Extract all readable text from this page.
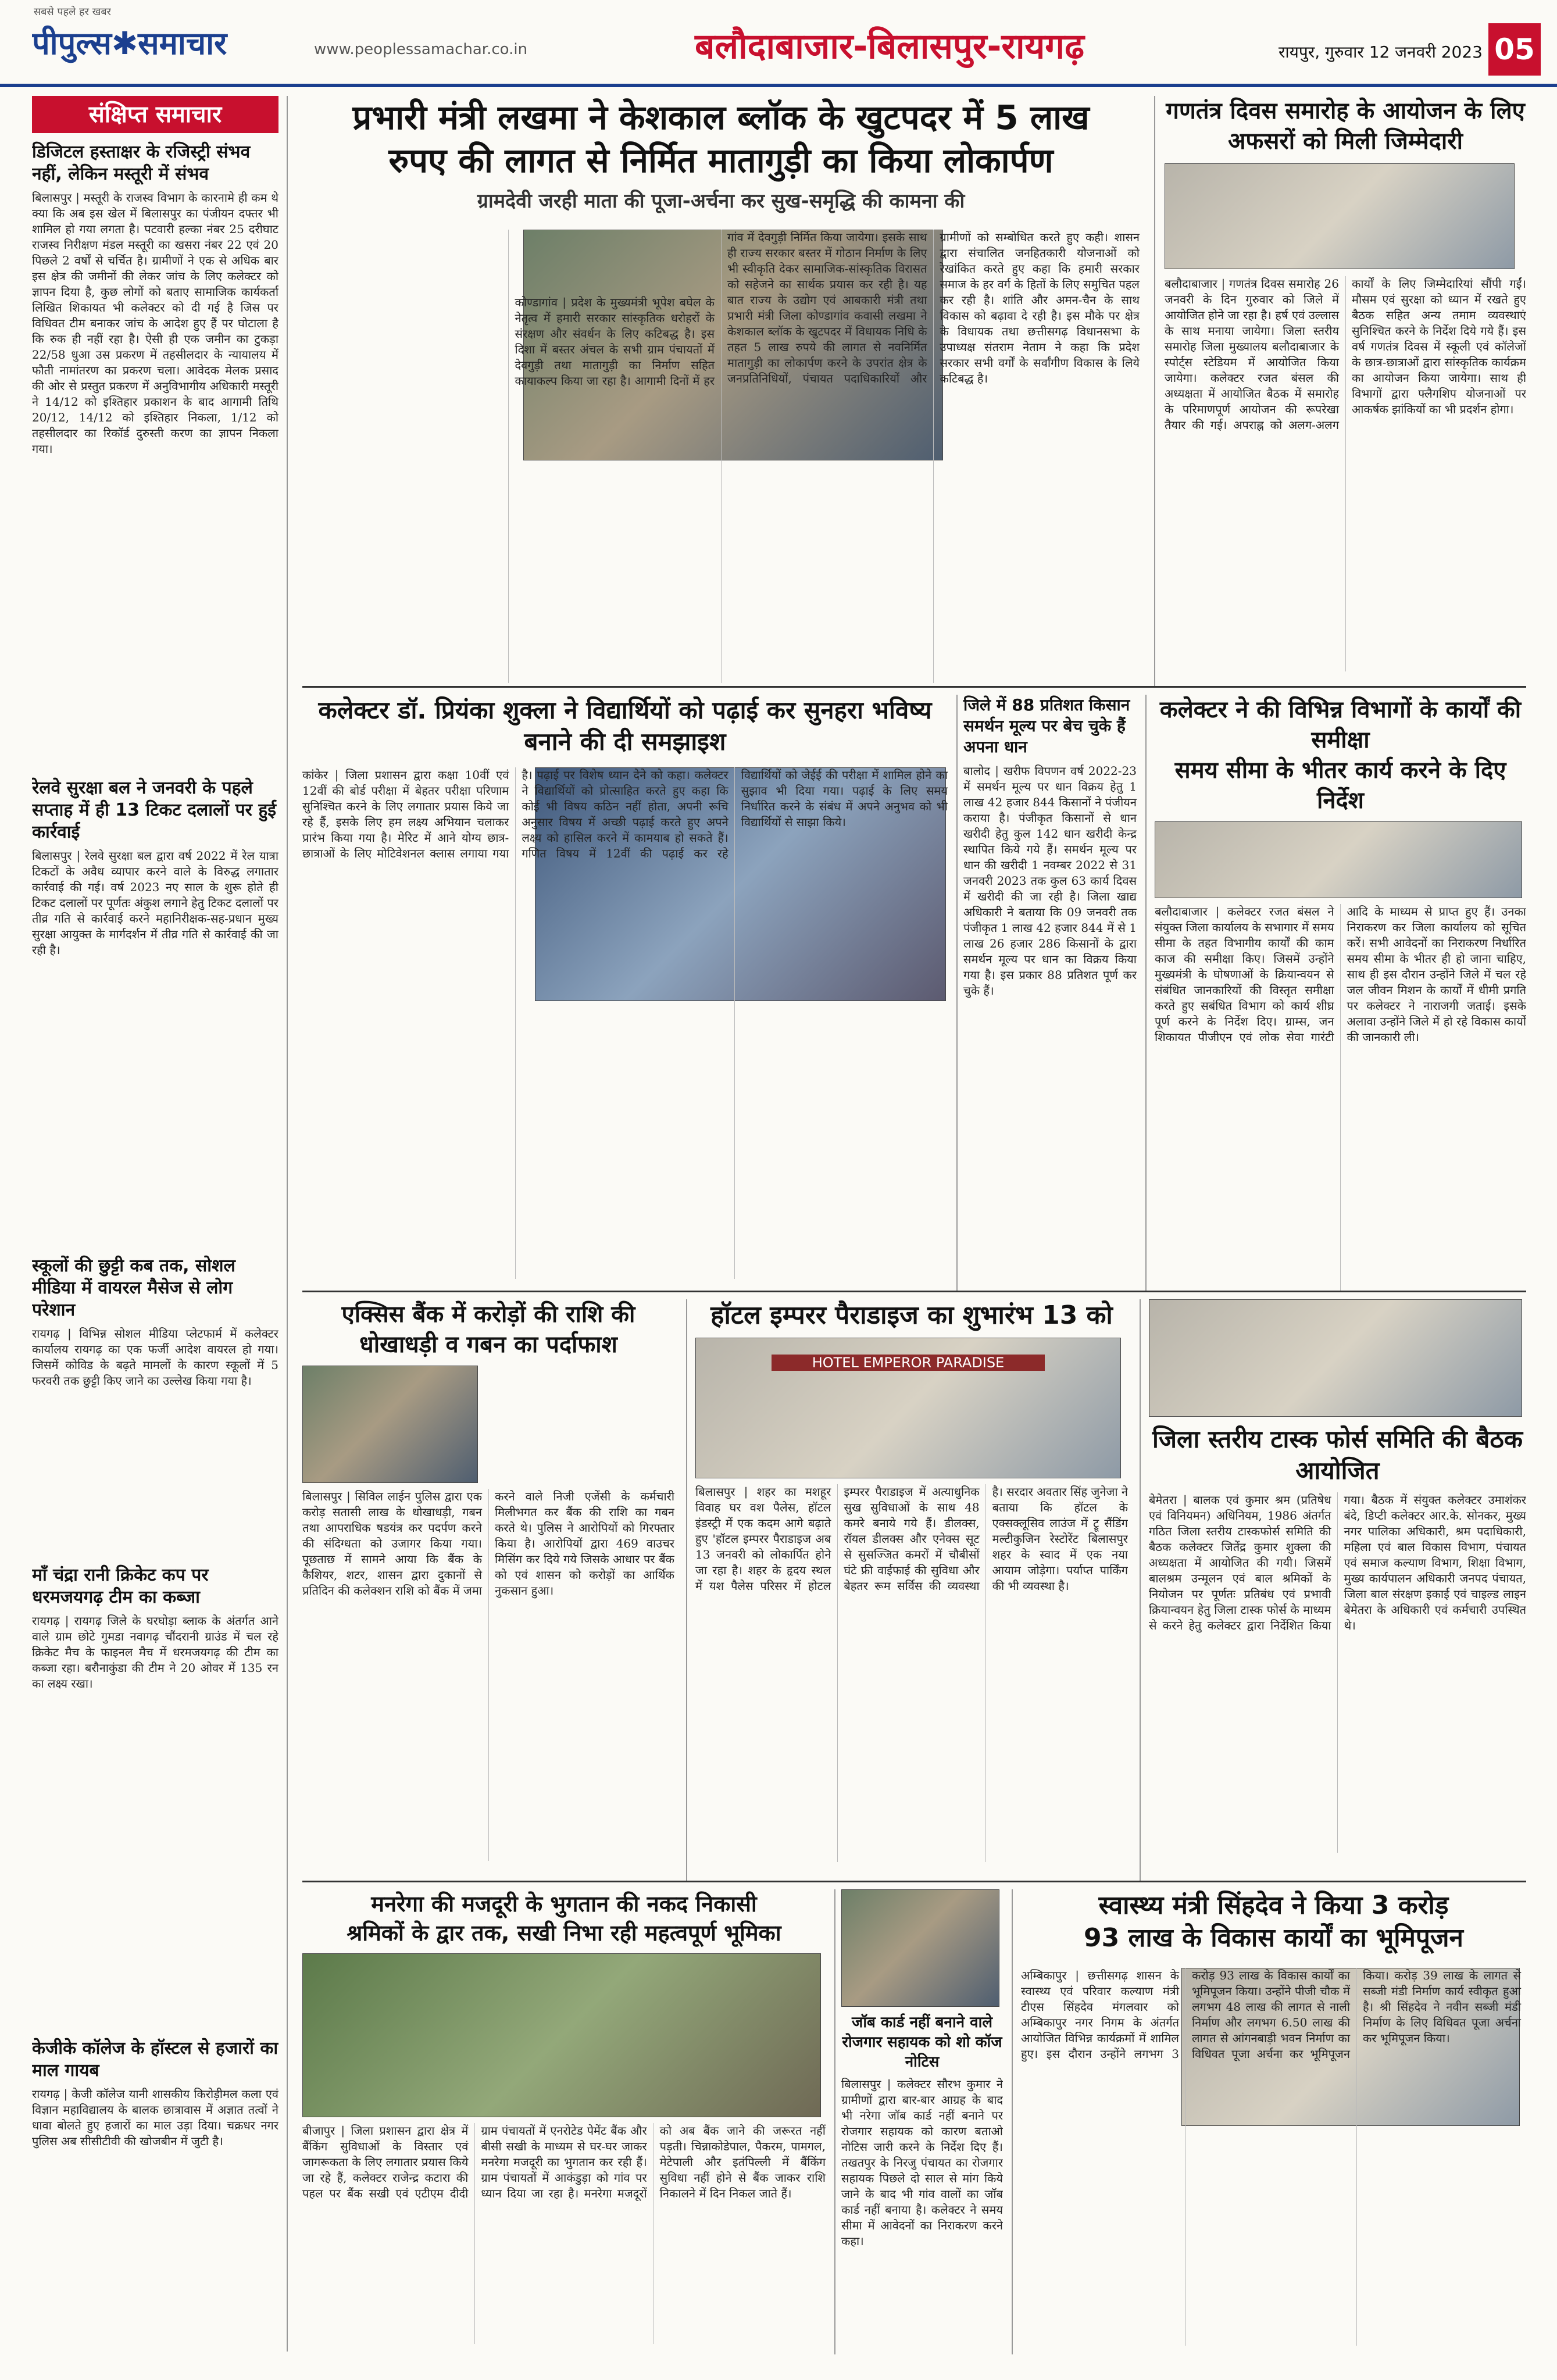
सबसे पहले हर खबर
पीपुल्स✱समाचार	www.peoplessamachar.co.in	बलौदाबाजार-बिलासपुर-रायगढ़	रायपुर, गुरुवार 12 जनवरी 2023 05
संक्षिप्त समाचार
डिजिटल हस्ताक्षर के रजिस्ट्री संभव नहीं, लेकिन मस्तूरी में संभव
बिलासपुर | मस्तूरी के राजस्व विभाग के कारनामे ही कम थे क्या कि अब इस खेल में बिलासपुर का पंजीयन दफ्तर भी शामिल हो गया लगता है। पटवारी हल्का नंबर 25 दरीघाट राजस्व निरीक्षण मंडल मस्तूरी का खसरा नंबर 22 एवं 20 पिछले 2 वर्षों से चर्चित है। ग्रामीणों ने एक से अधिक बार इस क्षेत्र की जमीनों की लेकर जांच के लिए कलेक्टर को ज्ञापन दिया है, कुछ लोगों को बताए सामाजिक कार्यकर्ता लिखित शिकायत भी कलेक्टर को दी गई है जिस पर विधिवत टीम बनाकर जांच के आदेश हुए हैं पर घोटाला है कि रुक ही नहीं रहा है। ऐसी ही एक जमीन का टुकड़ा 22/58 धुआ उस प्रकरण में तहसीलदार के न्यायालय में फौती नामांतरण का प्रकरण चला। आवेदक मेलक प्रसाद की ओर से प्रस्तुत प्रकरण में अनुविभागीय अधिकारी मस्तूरी ने 14/12 को इश्तिहार प्रकाशन के बाद आगामी तिथि 20/12, 14/12 को इश्तिहार निकला, 1/12 को तहसीलदार का रिकॉर्ड दुरुस्ती करण का ज्ञापन निकला गया।
रेलवे सुरक्षा बल ने जनवरी के पहले सप्ताह में ही 13 टिकट दलालों पर हुई कार्रवाई
बिलासपुर | रेलवे सुरक्षा बल द्वारा वर्ष 2022 में रेल यात्रा टिकटों के अवैध व्यापार करने वाले के विरुद्ध लगातार कार्रवाई की गई। वर्ष 2023 नए साल के शुरू होते ही टिकट दलालों पर पूर्णतः अंकुश लगाने हेतु टिकट दलालों पर तीव्र गति से कार्रवाई करने महानिरीक्षक-सह-प्रधान मुख्य सुरक्षा आयुक्त के मार्गदर्शन में तीव्र गति से कार्रवाई की जा रही है।
स्कूलों की छुट्टी कब तक, सोशल मीडिया में वायरल मैसेज से लोग परेशान
रायगढ़ | विभिन्न सोशल मीडिया प्लेटफार्म में कलेक्टर कार्यालय रायगढ़ का एक फर्जी आदेश वायरल हो गया। जिसमें कोविड के बढ़ते मामलों के कारण स्कूलों में 5 फरवरी तक छुट्टी किए जाने का उल्लेख किया गया है।
माँ चंद्रा रानी क्रिकेट कप पर धरमजयगढ़ टीम का कब्जा
रायगढ़ | रायगढ़ जिले के घरघोड़ा ब्लाक के अंतर्गत आने वाले ग्राम छोटे गुमडा नवागढ़ चौंदरानी ग्राउंड में चल रहे क्रिकेट मैच के फाइनल मैच में धरमजयगढ़ की टीम का कब्जा रहा। बरौनाकुंडा की टीम ने 20 ओवर में 135 रन का लक्ष्य रखा।
केजीके कॉलेज के हॉस्टल से हजारों का माल गायब
रायगढ़ | केजी कॉलेज यानी शासकीय किरोड़ीमल कला एवं विज्ञान महाविद्यालय के बालक छात्रावास में अज्ञात तत्वों ने धावा बोलते हुए हजारों का माल उड़ा दिया। चक्रधर नगर पुलिस अब सीसीटीवी की खोजबीन में जुटी है।
प्रभारी मंत्री लखमा ने केशकाल ब्लॉक के खुटपदर में 5 लाख
रुपए की लागत से निर्मित मातागुड़ी का किया लोकार्पण
ग्रामदेवी जरही माता की पूजा-अर्चना कर सुख-समृद्धि की कामना की
कोण्डागांव | प्रदेश के मुख्यमंत्री भूपेश बघेल के नेतृत्व में हमारी सरकार सांस्कृतिक धरोहरों के संरक्षण और संवर्धन के लिए कटिबद्ध है। इस दिशा में बस्तर अंचल के सभी ग्राम पंचायतों में देवगुड़ी तथा मातागुड़ी का निर्माण सहित कायाकल्प किया जा रहा है। आगामी दिनों में हर गांव में देवगुड़ी निर्मित किया जायेगा। इसके साथ ही राज्य सरकार बस्तर में गोठान निर्माण के लिए भी स्वीकृति देकर सामाजिक-सांस्कृतिक विरासत को सहेजने का सार्थक प्रयास कर रही है। यह बात राज्य के उद्योग एवं आबकारी मंत्री तथा प्रभारी मंत्री जिला कोण्डागांव कवासी लखमा ने केशकाल ब्लॉक के खुटपदर में विधायक निधि के तहत 5 लाख रुपये की लागत से नवनिर्मित मातागुड़ी का लोकार्पण करने के उपरांत क्षेत्र के जनप्रतिनिधियों, पंचायत पदाधिकारियों और ग्रामीणों को सम्बोधित करते हुए कही। शासन द्वारा संचालित जनहितकारी योजनाओं को रेखांकित करते हुए कहा कि हमारी सरकार समाज के हर वर्ग के हितों के लिए समुचित पहल कर रही है। शांति और अमन-चैन के साथ विकास को बढ़ावा दे रही है। इस मौके पर क्षेत्र के विधायक तथा छत्तीसगढ़ विधानसभा के उपाध्यक्ष संतराम नेताम ने कहा कि प्रदेश सरकार सभी वर्गों के सर्वांगीण विकास के लिये कटिबद्ध है।
गणतंत्र दिवस समारोह के आयोजन के लिए अफसरों को मिली जिम्मेदारी
बलौदाबाजार | गणतंत्र दिवस समारोह 26 जनवरी के दिन गुरुवार को जिले में आयोजित होने जा रहा है। हर्ष एवं उल्लास के साथ मनाया जायेगा। जिला स्तरीय समारोह जिला मुख्यालय बलौदाबाजार के स्पोर्ट्स स्टेडियम में आयोजित किया जायेगा। कलेक्टर रजत बंसल की अध्यक्षता में आयोजित बैठक में समारोह के परिमाणपूर्ण आयोजन की रूपरेखा तैयार की गई। अपराह्न को अलग-अलग कार्यों के लिए जिम्मेदारियां सौंपी गईं। मौसम एवं सुरक्षा को ध्यान में रखते हुए बैठक सहित अन्य तमाम व्यवस्थाएं सुनिश्चित करने के निर्देश दिये गये हैं। इस वर्ष गणतंत्र दिवस में स्कूली एवं कॉलेजों के छात्र-छात्राओं द्वारा सांस्कृतिक कार्यक्रम का आयोजन किया जायेगा। साथ ही विभागों द्वारा फ्लैगशिप योजनाओं पर आकर्षक झांकियों का भी प्रदर्शन होगा।
कलेक्टर डॉ. प्रियंका शुक्ला ने विद्यार्थियों को पढ़ाई कर सुनहरा भविष्य बनाने की दी समझाइश
कांकेर | जिला प्रशासन द्वारा कक्षा 10वीं एवं 12वीं की बोर्ड परीक्षा में बेहतर परीक्षा परिणाम सुनिश्चित करने के लिए लगातार प्रयास किये जा रहे हैं, इसके लिए हम लक्ष्य अभियान चलाकर प्रारंभ किया गया है। मेरिट में आने योग्य छात्र-छात्राओं के लिए मोटिवेशनल क्लास लगाया गया है। पढ़ाई पर विशेष ध्यान देने को कहा। कलेक्टर ने विद्यार्थियों को प्रोत्साहित करते हुए कहा कि कोई भी विषय कठिन नहीं होता, अपनी रूचि अनुसार विषय में अच्छी पढ़ाई करते हुए अपने लक्ष्य को हासिल करने में कामयाब हो सकते हैं। गणित विषय में 12वीं की पढ़ाई कर रहे विद्यार्थियों को जेईई की परीक्षा में शामिल होने का सुझाव भी दिया गया। पढ़ाई के लिए समय निर्धारित करने के संबंध में अपने अनुभव को भी विद्यार्थियों से साझा किये।
जिले में 88 प्रतिशत किसान समर्थन मूल्य पर बेच चुके हैं अपना धान
बालोद | खरीफ विपणन वर्ष 2022-23 में समर्थन मूल्य पर धान विक्रय हेतु 1 लाख 42 हजार 844 किसानों ने पंजीयन कराया है। पंजीकृत किसानों से धान खरीदी हेतु कुल 142 धान खरीदी केन्द्र स्थापित किये गये हैं। समर्थन मूल्य पर धान की खरीदी 1 नवम्बर 2022 से 31 जनवरी 2023 तक कुल 63 कार्य दिवस में खरीदी की जा रही है। जिला खाद्य अधिकारी ने बताया कि 09 जनवरी तक पंजीकृत 1 लाख 42 हजार 844 में से 1 लाख 26 हजार 286 किसानों के द्वारा समर्थन मूल्य पर धान का विक्रय किया गया है। इस प्रकार 88 प्रतिशत पूर्ण कर चुके हैं।
कलेक्टर ने की विभिन्न विभागों के कार्यों की समीक्षा
समय सीमा के भीतर कार्य करने के दिए निर्देश
बलौदाबाजार | कलेक्टर रजत बंसल ने संयुक्त जिला कार्यालय के सभागार में समय सीमा के तहत विभागीय कार्यों की काम काज की समीक्षा किए। जिसमें उन्होंने मुख्यमंत्री के घोषणाओं के क्रियान्वयन से संबंधित जानकारियों की विस्तृत समीक्षा करते हुए सबंधित विभाग को कार्य शीघ्र पूर्ण करने के निर्देश दिए। ग्राम्स, जन शिकायत पीजीएन एवं लोक सेवा गारंटी आदि के माध्यम से प्राप्त हुए हैं। उनका निराकरण कर जिला कार्यालय को सूचित करें। सभी आवेदनों का निराकरण निर्धारित समय सीमा के भीतर ही हो जाना चाहिए, साथ ही इस दौरान उन्होंने जिले में चल रहे जल जीवन मिशन के कार्यों में धीमी प्रगति पर कलेक्टर ने नाराजगी जताई। इसके अलावा उन्होंने जिले में हो रहे विकास कार्यों की जानकारी ली।
एक्सिस बैंक में करोड़ों की राशि की धोखाधड़ी व गबन का पर्दाफाश
बिलासपुर | सिविल लाईन पुलिस द्वारा एक करोड़ सतासी लाख के धोखाधड़ी, गबन तथा आपराधिक षडयंत्र कर पदर्पण करने की संदिग्धता को उजागर किया गया। पूछताछ में सामने आया कि बैंक के कैशियर, शटर, शासन द्वारा दुकानों से प्रतिदिन की कलेक्शन राशि को बैंक में जमा करने वाले निजी एजेंसी के कर्मचारी मिलीभगत कर बैंक की राशि का गबन करते थे। पुलिस ने आरोपियों को गिरफ्तार किया है। आरोपियों द्वारा 469 वाउचर मिसिंग कर दिये गये जिसके आधार पर बैंक को एवं शासन को करोड़ों का आर्थिक नुकसान हुआ।
हॉटल इम्परर पैराडाइज का शुभारंभ 13 को
HOTEL EMPEROR PARADISE
बिलासपुर | शहर का मशहूर विवाह घर वश पैलेस, हॉटल इंडस्ट्री में एक कदम आगे बढ़ाते हुए 'हॉटल इम्परर पैराडाइज अब 13 जनवरी को लोकार्पित होने जा रहा है। शहर के हृदय स्थल में यश पैलेस परिसर में होटल इम्परर पैराडाइज में अत्याधुनिक सुख सुविधाओं के साथ 48 कमरे बनाये गये हैं। डीलक्स, रॉयल डीलक्स और एनेक्स सूट से सुसज्जित कमरों में चौबीसों घंटे फ्री वाईफाई की सुविधा और बेहतर रूम सर्विस की व्यवस्था है। सरदार अवतार सिंह जुनेजा ने बताया कि हॉटल के एक्सक्लूसिव लाउंज में ट्रू सैंडिंग मल्टीकुजिन रेस्टोरेंट बिलासपुर शहर के स्वाद में एक नया आयाम जोड़ेगा। पर्याप्त पार्किंग की भी व्यवस्था है।
जिला स्तरीय टास्क फोर्स समिति की बैठक आयोजित
बेमेतरा | बालक एवं कुमार श्रम (प्रतिषेध एवं विनियमन) अधिनियम, 1986 अंतर्गत गठित जिला स्तरीय टास्कफोर्स समिति की बैठक कलेक्टर जितेंद्र कुमार शुक्ला की अध्यक्षता में आयोजित की गयी। जिसमें बालश्रम उन्मूलन एवं बाल श्रमिकों के नियोजन पर पूर्णतः प्रतिबंध एवं प्रभावी क्रियान्वयन हेतु जिला टास्क फोर्स के माध्यम से करने हेतु कलेक्टर द्वारा निर्देशित किया गया। बैठक में संयुक्त कलेक्टर उमाशंकर बंदे, डिप्टी कलेक्टर आर.के. सोनकर, मुख्य नगर पालिका अधिकारी, श्रम पदाधिकारी, महिला एवं बाल विकास विभाग, पंचायत एवं समाज कल्याण विभाग, शिक्षा विभाग, मुख्य कार्यपालन अधिकारी जनपद पंचायत, जिला बाल संरक्षण इकाई एवं चाइल्ड लाइन बेमेतरा के अधिकारी एवं कर्मचारी उपस्थित थे।
मनरेगा की मजदूरी के भुगतान की नकद निकासी
श्रमिकों के द्वार तक, सखी निभा रही महत्वपूर्ण भूमिका
बीजापुर | जिला प्रशासन द्वारा क्षेत्र में बैंकिंग सुविधाओं के विस्तार एवं जागरूकता के लिए लगातार प्रयास किये जा रहे हैं, कलेक्टर राजेन्द्र कटारा की पहल पर बैंक सखी एवं एटीएम दीदी ग्राम पंचायतों में एनरोटेड पेमेंट बैंक और बीसी सखी के माध्यम से घर-घर जाकर मनरेगा मजदूरी का भुगतान कर रही हैं। ग्राम पंचायतों में आकंडुड़ा को गांव पर ध्यान दिया जा रहा है। मनरेगा मजदूरों को अब बैंक जाने की जरूरत नहीं पड़ती। चिन्नाकोडेपाल, पैकरम, पामगल, मेटेपाली और इतंपिल्ली में बैंकिंग सुविधा नहीं होने से बैंक जाकर राशि निकालने में दिन निकल जाते हैं।
जॉब कार्ड नहीं बनाने वाले रोजगार सहायक को शो कॉज नोटिस
बिलासपुर | कलेक्टर सौरभ कुमार ने ग्रामीणों द्वारा बार-बार आग्रह के बाद भी नरेगा जॉब कार्ड नहीं बनाने पर रोजगार सहायक को कारण बताओ नोटिस जारी करने के निर्देश दिए हैं। तखतपुर के निरजु पंचायत का रोजगार सहायक पिछले दो साल से मांग किये जाने के बाद भी गांव वालों का जॉब कार्ड नहीं बनाया है। कलेक्टर ने समय सीमा में आवेदनों का निराकरण करने कहा।
स्वास्थ्य मंत्री सिंहदेव ने किया 3 करोड़
93 लाख के विकास कार्यों का भूमिपूजन
अम्बिकापुर | छत्तीसगढ़ शासन के स्वास्थ्य एवं परिवार कल्याण मंत्री टीएस सिंहदेव मंगलवार को अम्बिकापुर नगर निगम के अंतर्गत आयोजित विभिन्न कार्यक्रमों में शामिल हुए। इस दौरान उन्होंने लगभग 3 करोड़ 93 लाख के विकास कार्यों का भूमिपूजन किया। उन्होंने पीजी चौक में लगभग 48 लाख की लागत से नाली निर्माण और लगभग 6.50 लाख की लागत से आंगनबाड़ी भवन निर्माण का विधिवत पूजा अर्चना कर भूमिपूजन किया। करोड़ 39 लाख के लागत से सब्जी मंडी निर्माण कार्य स्वीकृत हुआ है। श्री सिंहदेव ने नवीन सब्जी मंडी निर्माण के लिए विधिवत पूजा अर्चना कर भूमिपूजन किया।
